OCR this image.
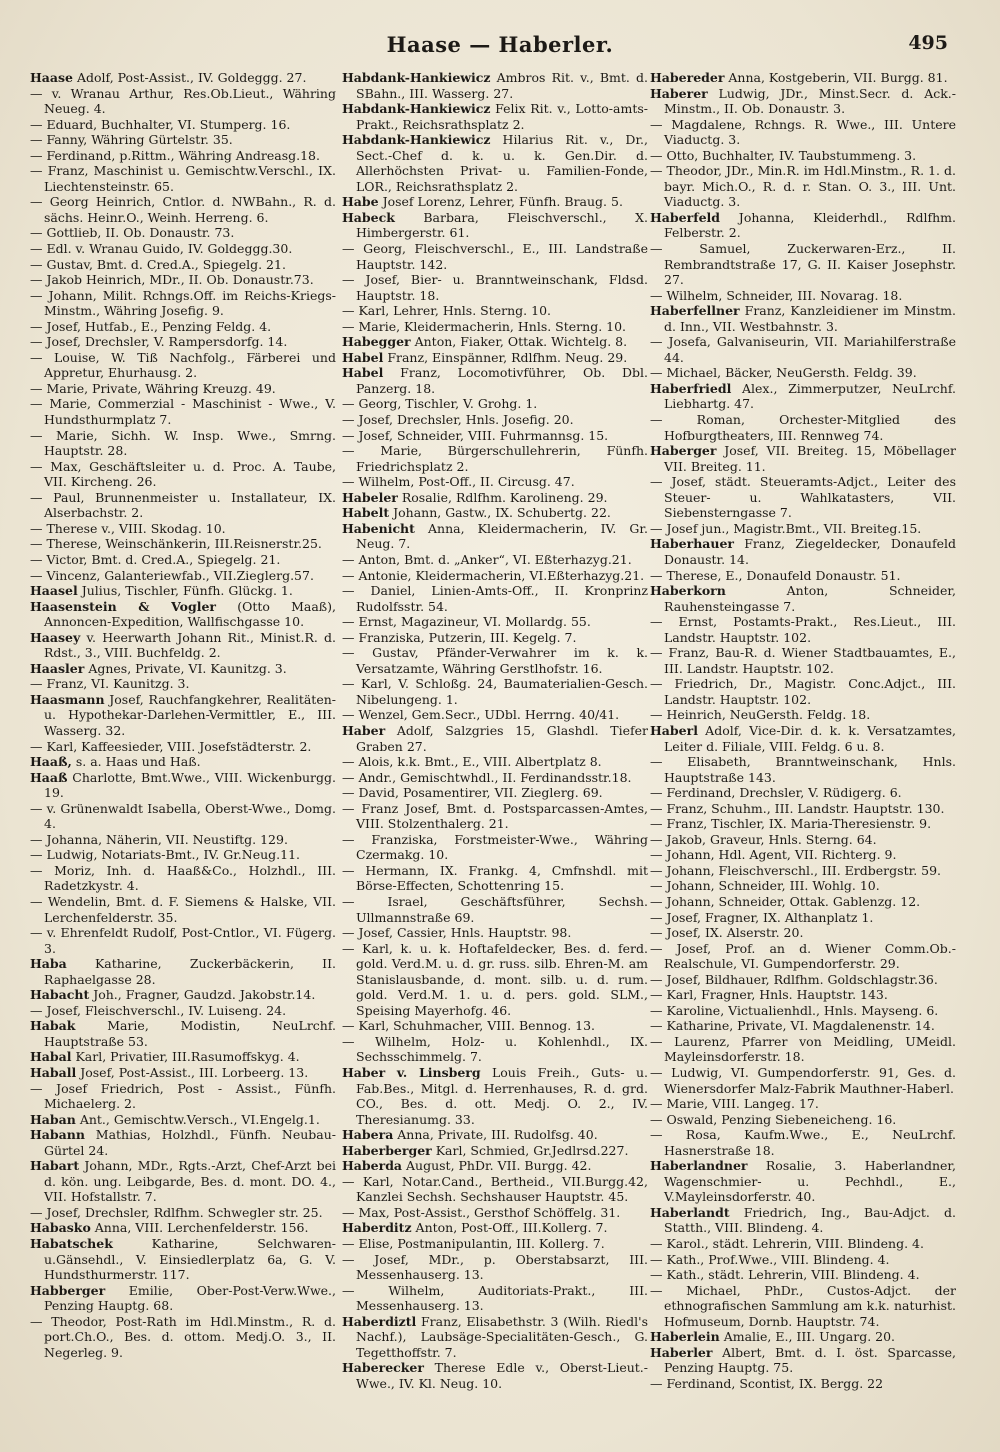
Haase — Haberler.	495

Haase Adolf, Post-Assist., IV. Goldeggg. 27.

— v. Wranau Arthur, Res.Ob.Lieut., Währing Neueg. 4.

— Eduard, Buchhalter, VI. Stumperg. 16.

— Fanny, Währing Gürtelstr. 35.

— Ferdinand, p.Rittm., Währing Andreasg.18.

— Franz, Maschinist u. Gemischtw.Verschl., IX. Liechtensteinstr. 65.

— Georg Heinrich, Cntlor. d. NWBahn., R. d. sächs. Heinr.O., Weinh. Herreng. 6.

— Gottlieb, II. Ob. Donaustr. 73.

— Edl. v. Wranau Guido, IV. Goldeggg.30.

— Gustav, Bmt. d. Cred.A., Spiegelg. 21.

— Jakob Heinrich, MDr., II. Ob. Donaustr.73.

— Johann, Milit. Rchngs.Off. im Reichs-Kriegs-Minstm., Währing Josefig. 9.

— Josef, Hutfab., E., Penzing Feldg. 4.

— Josef, Drechsler, V. Rampersdorfg. 14.

— Louise, W. Tiß Nachfolg., Färberei und Appretur, Ehurhausg. 2.

— Marie, Private, Währing Kreuzg. 49.

— Marie, Commerzial - Maschinist - Wwe., V. Hundsthurmplatz 7.

— Marie, Sichh. W. Insp. Wwe., Smrng. Hauptstr. 28.

— Max, Geschäftsleiter u. d. Proc. A. Taube, VII. Kircheng. 26.

— Paul, Brunnenmeister u. Installateur, IX. Alserbachstr. 2.

— Therese v., VIII. Skodag. 10.

— Therese, Weinschänkerin, III.Reisnerstr.25.

— Victor, Bmt. d. Cred.A., Spiegelg. 21.

— Vincenz, Galanteriewfab., VII.Zieglerg.57.

Haasel Julius, Tischler, Fünfh. Glückg. 1.

Haasenstein & Vogler (Otto Maaß), Annoncen-Expedition, Wallfischgasse 10.

Haasey v. Heerwarth Johann Rit., Minist.R. d. Rdst., 3., VIII. Buchfeldg. 2.

Haasler Agnes, Private, VI. Kaunitzg. 3.

— Franz, VI. Kaunitzg. 3.

Haasmann Josef, Rauchfangkehrer, Realitäten- u. Hypothekar-Darlehen-Vermittler, E., III. Wasserg. 32.

— Karl, Kaffeesieder, VIII. Josefstädterstr. 2.

Haaß, s. a. Haas und Haß.

Haaß Charlotte, Bmt.Wwe., VIII. Wickenburgg. 19.

— v. Grünenwaldt Isabella, Oberst-Wwe., Domg. 4.

— Johanna, Näherin, VII. Neustiftg. 129.

— Ludwig, Notariats-Bmt., IV. Gr.Neug.11.

— Moriz, Inh. d. Haaß&Co., Holzhdl., III. Radetzkystr. 4.

— Wendelin, Bmt. d. F. Siemens & Halske, VII. Lerchenfelderstr. 35.

— v. Ehrenfeldt Rudolf, Post-Cntlor., VI. Fügerg. 3.

Haba Katharine, Zuckerbäckerin, II. Raphaelgasse 28.

Habacht Joh., Fragner, Gaudzd. Jakobstr.14.

— Josef, Fleischverschl., IV. Luiseng. 24.

Habak Marie, Modistin, NeuLrchf. Hauptstraße 53.

Habal Karl, Privatier, III.Rasumoffskyg. 4.

Haball Josef, Post-Assist., III. Lorbeerg. 13.

— Josef Friedrich, Post - Assist., Fünfh. Michaelerg. 2.

Haban Ant., Gemischtw.Versch., VI.Engelg.1.

Habann Mathias, Holzhdl., Fünfh. Neubau-Gürtel 24.

Habart Johann, MDr., Rgts.-Arzt, Chef-Arzt bei d. kön. ung. Leibgarde, Bes. d. mont. DO. 4., VII. Hofstallstr. 7.

— Josef, Drechsler, Rdlfhm. Schwegler str. 25.

Habasko Anna, VIII. Lerchenfelderstr. 156.

Habatschek Katharine, Selchwaren-u.Gänsehdl., V. Einsiedlerplatz 6a, G. V. Hundsthurmerstr. 117.

Habberger Emilie, Ober-Post-Verw.Wwe., Penzing Hauptg. 68.

— Theodor, Post-Rath im Hdl.Minstm., R. d. port.Ch.O., Bes. d. ottom. Medj.O. 3., II. Negerleg. 9.

Habdank-Hankiewicz Ambros Rit. v., Bmt. d. SBahn., III. Wasserg. 27.

Habdank-Hankiewicz Felix Rit. v., Lotto-amts-Prakt., Reichsrathsplatz 2.

Habdank-Hankiewicz Hilarius Rit. v., Dr., Sect.-Chef d. k. u. k. Gen.Dir. d. Allerhöchsten Privat- u. Familien-Fonde, LOR., Reichsrathsplatz 2.

Habe Josef Lorenz, Lehrer, Fünfh. Braug. 5.

Habeck Barbara, Fleischverschl., X. Himbergerstr. 61.

— Georg, Fleischverschl., E., III. Landstraße Hauptstr. 142.

— Josef, Bier- u. Branntweinschank, Fldsd. Hauptstr. 18.

— Karl, Lehrer, Hnls. Sterng. 10.

— Marie, Kleidermacherin, Hnls. Sterng. 10.

Habegger Anton, Fiaker, Ottak. Wichtelg. 8.

Habel Franz, Einspänner, Rdlfhm. Neug. 29.

Habel Franz, Locomotivführer, Ob. Dbl. Panzerg. 18.

— Georg, Tischler, V. Grohg. 1.

— Josef, Drechsler, Hnls. Josefig. 20.

— Josef, Schneider, VIII. Fuhrmannsg. 15.

— Marie, Bürgerschullehrerin, Fünfh. Friedrichsplatz 2.

— Wilhelm, Post-Off., II. Circusg. 47.

Habeler Rosalie, Rdlfhm. Karolineng. 29.

Habelt Johann, Gastw., IX. Schubertg. 22.

Habenicht Anna, Kleidermacherin, IV. Gr. Neug. 7.

— Anton, Bmt. d. „Anker“, VI. Eßterhazyg.21.

— Antonie, Kleidermacherin, VI.Eßterhazyg.21.

— Daniel, Linien-Amts-Off., II. Kronprinz Rudolfsstr. 54.

— Ernst, Magazineur, VI. Mollardg. 55.

— Franziska, Putzerin, III. Kegelg. 7.

— Gustav, Pfänder-Verwahrer im k. k. Versatzamte, Währing Gerstlhofstr. 16.

— Karl, V. Schloßg. 24, Baumaterialien-Gesch. Nibelungeng. 1.

— Wenzel, Gem.Secr., UDbl. Herrng. 40/41.

Haber Adolf, Salzgries 15, Glashdl. Tiefer Graben 27.

— Alois, k.k. Bmt., E., VIII. Albertplatz 8.

— Andr., Gemischtwhdl., II. Ferdinandsstr.18.

— David, Posamentirer, VII. Zieglerg. 69.

— Franz Josef, Bmt. d. Postsparcassen-Amtes, VIII. Stolzenthalerg. 21.

— Franziska, Forstmeister-Wwe., Währing Czermakg. 10.

— Hermann, IX. Frankg. 4, Cmfnshdl. mit Börse-Effecten, Schottenring 15.

— Israel, Geschäftsführer, Sechsh. Ullmannstraße 69.

— Josef, Cassier, Hnls. Hauptstr. 98.

— Karl, k. u. k. Hoftafeldecker, Bes. d. ferd. gold. Verd.M. u. d. gr. russ. silb. Ehren-M. am Stanislausbande, d. mont. silb. u. d. rum. gold. Verd.M. 1. u. d. pers. gold. SLM., Speising Mayerhofg. 46.

— Karl, Schuhmacher, VIII. Bennog. 13.

— Wilhelm, Holz- u. Kohlenhdl., IX. Sechsschimmelg. 7.

Haber v. Linsberg Louis Freih., Guts- u. Fab.Bes., Mitgl. d. Herrenhauses, R. d. grd. CO., Bes. d. ott. Medj. O. 2., IV. Theresianumg. 33.

Habera Anna, Private, III. Rudolfsg. 40.

Haberberger Karl, Schmied, Gr.Jedlrsd.227.

Haberda August, PhDr. VII. Burgg. 42.

— Karl, Notar.Cand., Bertheid., VII.Burgg.42, Kanzlei Sechsh. Sechshauser Hauptstr. 45.

— Max, Post-Assist., Gersthof Schöffelg. 31.

Haberditz Anton, Post-Off., III.Kollerg. 7.

— Elise, Postmanipulantin, III. Kollerg. 7.

— Josef, MDr., p. Oberstabsarzt, III. Messenhauserg. 13.

— Wilhelm, Auditoriats-Prakt., III. Messenhauserg. 13.

Haberdiztl Franz, Elisabethstr. 3 (Wilh. Riedl's Nachf.), Laubsäge-Specialitäten-Gesch., G. Tegetthoffstr. 7.

Haberecker Therese Edle v., Oberst-Lieut.-Wwe., IV. Kl. Neug. 10.

Habereder Anna, Kostgeberin, VII. Burgg. 81.

Haberer Ludwig, JDr., Minst.Secr. d. Ack.-Minstm., II. Ob. Donaustr. 3.

— Magdalene, Rchngs. R. Wwe., III. Untere Viaductg. 3.

— Otto, Buchhalter, IV. Taubstummeng. 3.

— Theodor, JDr., Min.R. im Hdl.Minstm., R. 1. d. bayr. Mich.O., R. d. r. Stan. O. 3., III. Unt. Viaductg. 3.

Haberfeld Johanna, Kleiderhdl., Rdlfhm. Felberstr. 2.

— Samuel, Zuckerwaren-Erz., II. Rembrandtstraße 17, G. II. Kaiser Josephstr. 27.

— Wilhelm, Schneider, III. Novarag. 18.

Haberfellner Franz, Kanzleidiener im Minstm. d. Inn., VII. Westbahnstr. 3.

— Josefa, Galvaniseurin, VII. Mariahilferstraße 44.

— Michael, Bäcker, NeuGersth. Feldg. 39.

Haberfriedl Alex., Zimmerputzer, NeuLrchf. Liebhartg. 47.

— Roman, Orchester-Mitglied des Hofburgtheaters, III. Rennweg 74.

Haberger Josef, VII. Breiteg. 15, Möbellager VII. Breiteg. 11.

— Josef, städt. Steueramts-Adjct., Leiter des Steuer- u. Wahlkatasters, VII. Siebensterngasse 7.

— Josef jun., Magistr.Bmt., VII. Breiteg.15.

Haberhauer Franz, Ziegeldecker, Donaufeld Donaustr. 14.

— Therese, E., Donaufeld Donaustr. 51.

Haberkorn Anton, Schneider, Rauhensteingasse 7.

— Ernst, Postamts-Prakt., Res.Lieut., III. Landstr. Hauptstr. 102.

— Franz, Bau-R. d. Wiener Stadtbauamtes, E., III. Landstr. Hauptstr. 102.

— Friedrich, Dr., Magistr. Conc.Adjct., III. Landstr. Hauptstr. 102.

— Heinrich, NeuGersth. Feldg. 18.

Haberl Adolf, Vice-Dir. d. k. k. Versatzamtes, Leiter d. Filiale, VIII. Feldg. 6 u. 8.

— Elisabeth, Branntweinschank, Hnls. Hauptstraße 143.

— Ferdinand, Drechsler, V. Rüdigerg. 6.

— Franz, Schuhm., III. Landstr. Hauptstr. 130.

— Franz, Tischler, IX. Maria-Theresienstr. 9.

— Jakob, Graveur, Hnls. Sterng. 64.

— Johann, Hdl. Agent, VII. Richterg. 9.

— Johann, Fleischverschl., III. Erdbergstr. 59.

— Johann, Schneider, III. Wohlg. 10.

— Johann, Schneider, Ottak. Gablenzg. 12.

— Josef, Fragner, IX. Althanplatz 1.

— Josef, IX. Alserstr. 20.

— Josef, Prof. an d. Wiener Comm.Ob.-Realschule, VI. Gumpendorferstr. 29.

— Josef, Bildhauer, Rdlfhm. Goldschlagstr.36.

— Karl, Fragner, Hnls. Hauptstr. 143.

— Karoline, Victualienhdl., Hnls. Mayseng. 6.

— Katharine, Private, VI. Magdalenenstr. 14.

— Laurenz, Pfarrer von Meidling, UMeidl. Mayleinsdorferstr. 18.

— Ludwig, VI. Gumpendorferstr. 91, Ges. d. Wienersdorfer Malz-Fabrik Mauthner-Haberl.

— Marie, VIII. Langeg. 17.

— Oswald, Penzing Siebeneicheng. 16.

— Rosa, Kaufm.Wwe., E., NeuLrchf. Hasnerstraße 18.

Haberlandner Rosalie, 3. Haberlandner, Wagenschmier- u. Pechhdl., E., V.Mayleinsdorferstr. 40.

Haberlandt Friedrich, Ing., Bau-Adjct. d. Statth., VIII. Blindeng. 4.

— Karol., städt. Lehrerin, VIII. Blindeng. 4.

— Kath., Prof.Wwe., VIII. Blindeng. 4.

— Kath., städt. Lehrerin, VIII. Blindeng. 4.

— Michael, PhDr., Custos-Adjct. der ethnografischen Sammlung am k.k. naturhist. Hofmuseum, Dornb. Hauptstr. 74.

Haberlein Amalie, E., III. Ungarg. 20.

Haberler Albert, Bmt. d. I. öst. Sparcasse, Penzing Hauptg. 75.

— Ferdinand, Scontist, IX. Bergg. 22
